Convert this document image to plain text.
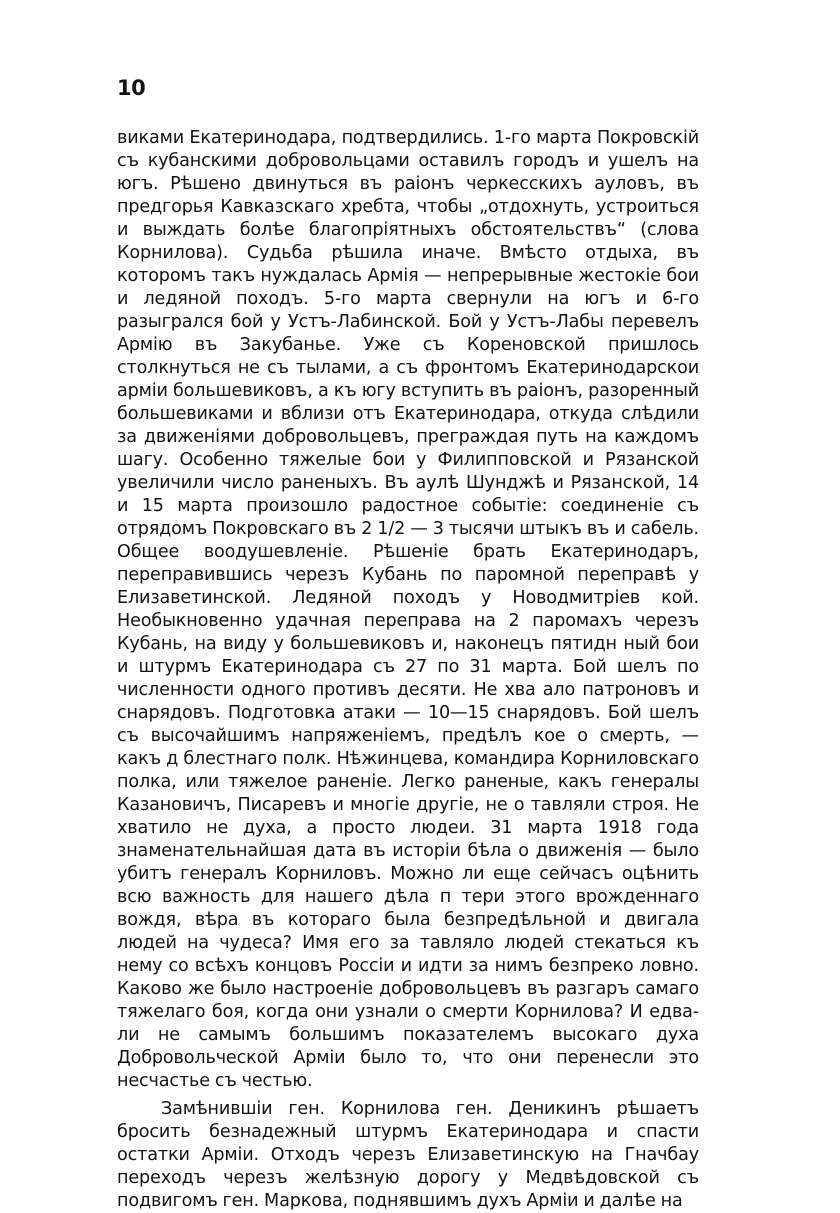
10

виками Екатеринодара, подтвердились. 1-го марта Покровскій съ кубанскими добровольцами оставилъ городъ и ушелъ на югъ. Рѣшено двинуться въ раіонъ черкесскихъ ауловъ, въ предгорья Кавказскаго хребта, чтобы „отдохнуть, устроиться и выждать болѣе благопріятныхъ обстоятельствъ“ (слова Корнилова). Судьба рѣшила иначе. Вмѣсто отдыха, въ которомъ такъ нуждалась Армія — непрерывные жестокіе бои и ледяной походъ. 5-го марта свернули на югъ и 6-го разыгрался бой у Устъ-Лабинской. Бой у Устъ-Лабы перевелъ Армію въ Закубанье. Уже съ Кореновской пришлось столкнуться не съ тылами, а съ фронтомъ Екатеринодарскои арміи большевиковъ, а къ югу вступить въ раіонъ, разоренный большевиками и вблизи отъ Екатеринодара, откуда слѣдили за движеніями добровольцевъ, преграждая путь на каждомъ шагу. Особенно тяжелые бои у Филипповской и Рязанской увеличили число раненыхъ. Въ аулѣ Шунджѣ и Рязанской, 14 и 15 марта произошло радостное событіе: соединеніе съ отрядомъ Покровскаго въ 2 1/2 — 3 тысячи штыкъ въ и сабель. Общее воодушевленіе. Рѣшеніе брать Екатеринодаръ, переправившись черезъ Кубань по паромной переправѣ у Елизаветинской. Ледяной походъ у Новодмитріев кой. Необыкновенно удачная переправа на 2 паромахъ черезъ Кубань, на виду у большевиковъ и, наконецъ пятидн ный бои и штурмъ Екатеринодара съ 27 по 31 марта. Бой шелъ по численности одного противъ десяти. Не хва ало патроновъ и снарядовъ. Подготовка атаки — 10—15 снарядовъ. Бой шелъ съ высочайшимъ напряженіемъ, предѣлъ кое о смерть, — какъ д блестнаго полк. Нѣжинцева, командира Корниловскаго полка, или тяжелое раненіе. Легко раненые, какъ генералы Казановичъ, Писаревъ и многіе другіе, не о тавляли строя. Не хватило не духа, а просто людеи. 31 марта 1918 года знаменательнайшая дата въ исторіи бѣла о движенія — было убитъ генералъ Корниловъ. Можно ли еще сейчасъ оцѣнить всю важность для нашего дѣла п тери этого врожденнаго вождя, вѣра въ котораго была безпредѣльной и двигала людей на чудеса? Имя его за тавляло людей стекаться къ нему со всѣхъ концовъ Россіи и идти за нимъ безпреко ловно. Каково же было настроеніе добровольцевъ въ разгаръ самаго тяжелаго боя, когда они узнали о смерти Корнилова? И едва-ли не самымъ большимъ показателемъ высокаго духа Добровольческой Арміи было то, что они перенесли это несчастье съ честью.

Замѣнившіи ген. Корнилова ген. Деникинъ рѣшаетъ бросить безнадежный штурмъ Екатеринодара и спасти остатки Арміи. Отходъ черезъ Елизаветинскую на Гначбау переходъ черезъ желѣзную дорогу у Медвѣдовской съ подвигомъ ген. Маркова, поднявшимъ духъ Арміи и далѣе на
